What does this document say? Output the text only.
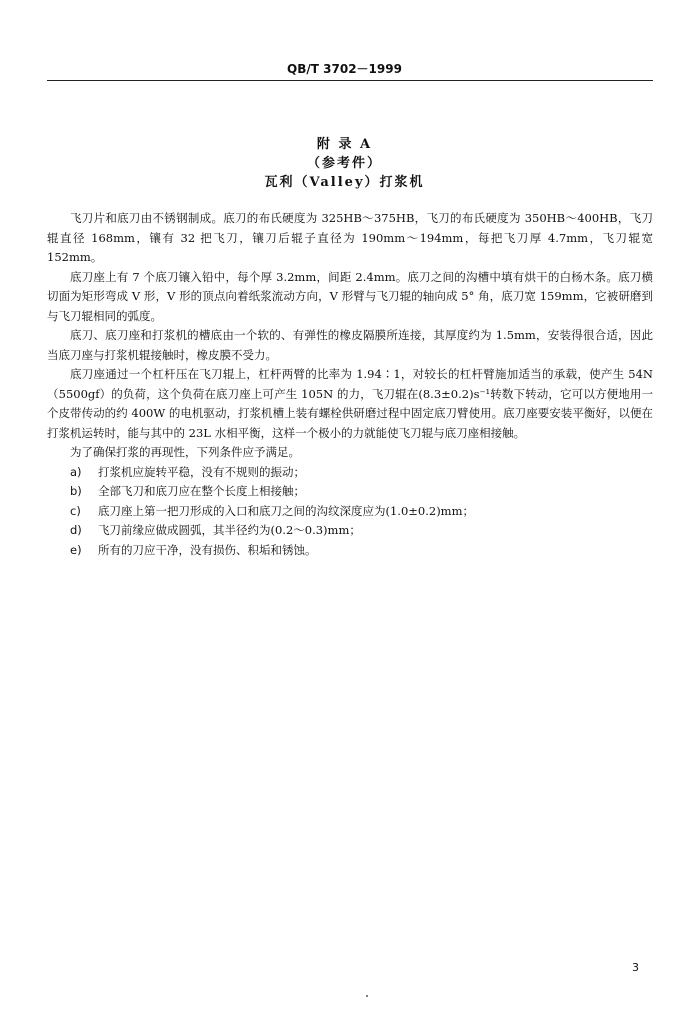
QB/T 3702－1999
附 录 A
（参考件）
瓦利（Valley）打浆机

飞刀片和底刀由不锈钢制成。底刀的布氏硬度为 325HB～375HB，飞刀的布氏硬度为 350HB～400HB，飞刀辊直径 168mm，镶有 32 把飞刀，镶刀后辊子直径为 190mm～194mm，每把飞刀厚 4.7mm，飞刀辊宽 152mm。

底刀座上有 7 个底刀镶入铅中，每个厚 3.2mm，间距 2.4mm。底刀之间的沟槽中填有烘干的白杨木条。底刀横切面为矩形弯成 V 形，V 形的顶点向着纸浆流动方向，V 形臂与飞刀辊的轴向成 5° 角，底刀宽 159mm，它被研磨到与飞刀辊相同的弧度。

底刀、底刀座和打浆机的槽底由一个软的、有弹性的橡皮隔膜所连接，其厚度约为 1.5mm，安装得很合适，因此当底刀座与打浆机辊接触时，橡皮膜不受力。

底刀座通过一个杠杆压在飞刀辊上，杠杆两臂的比率为 1.94∶1，对较长的杠杆臂施加适当的承载，使产生 54N（5500gf）的负荷，这个负荷在底刀座上可产生 105N 的力，飞刀辊在(8.3±0.2)s⁻¹转数下转动，它可以方便地用一个皮带传动的约 400W 的电机驱动，打浆机槽上装有螺栓供研磨过程中固定底刀臂使用。底刀座要安装平衡好，以便在打浆机运转时，能与其中的 23L 水相平衡，这样一个极小的力就能使飞刀辊与底刀座相接触。

为了确保打浆的再现性，下列条件应予满足。

a) 打浆机应旋转平稳，没有不规则的振动；
b) 全部飞刀和底刀应在整个长度上相接触；
c) 底刀座上第一把刀形成的入口和底刀之间的沟纹深度应为(1.0±0.2)mm；
d) 飞刀前缘应做成圆弧，其半径约为(0.2～0.3)mm；
e) 所有的刀应干净，没有损伤、积垢和锈蚀。
3
